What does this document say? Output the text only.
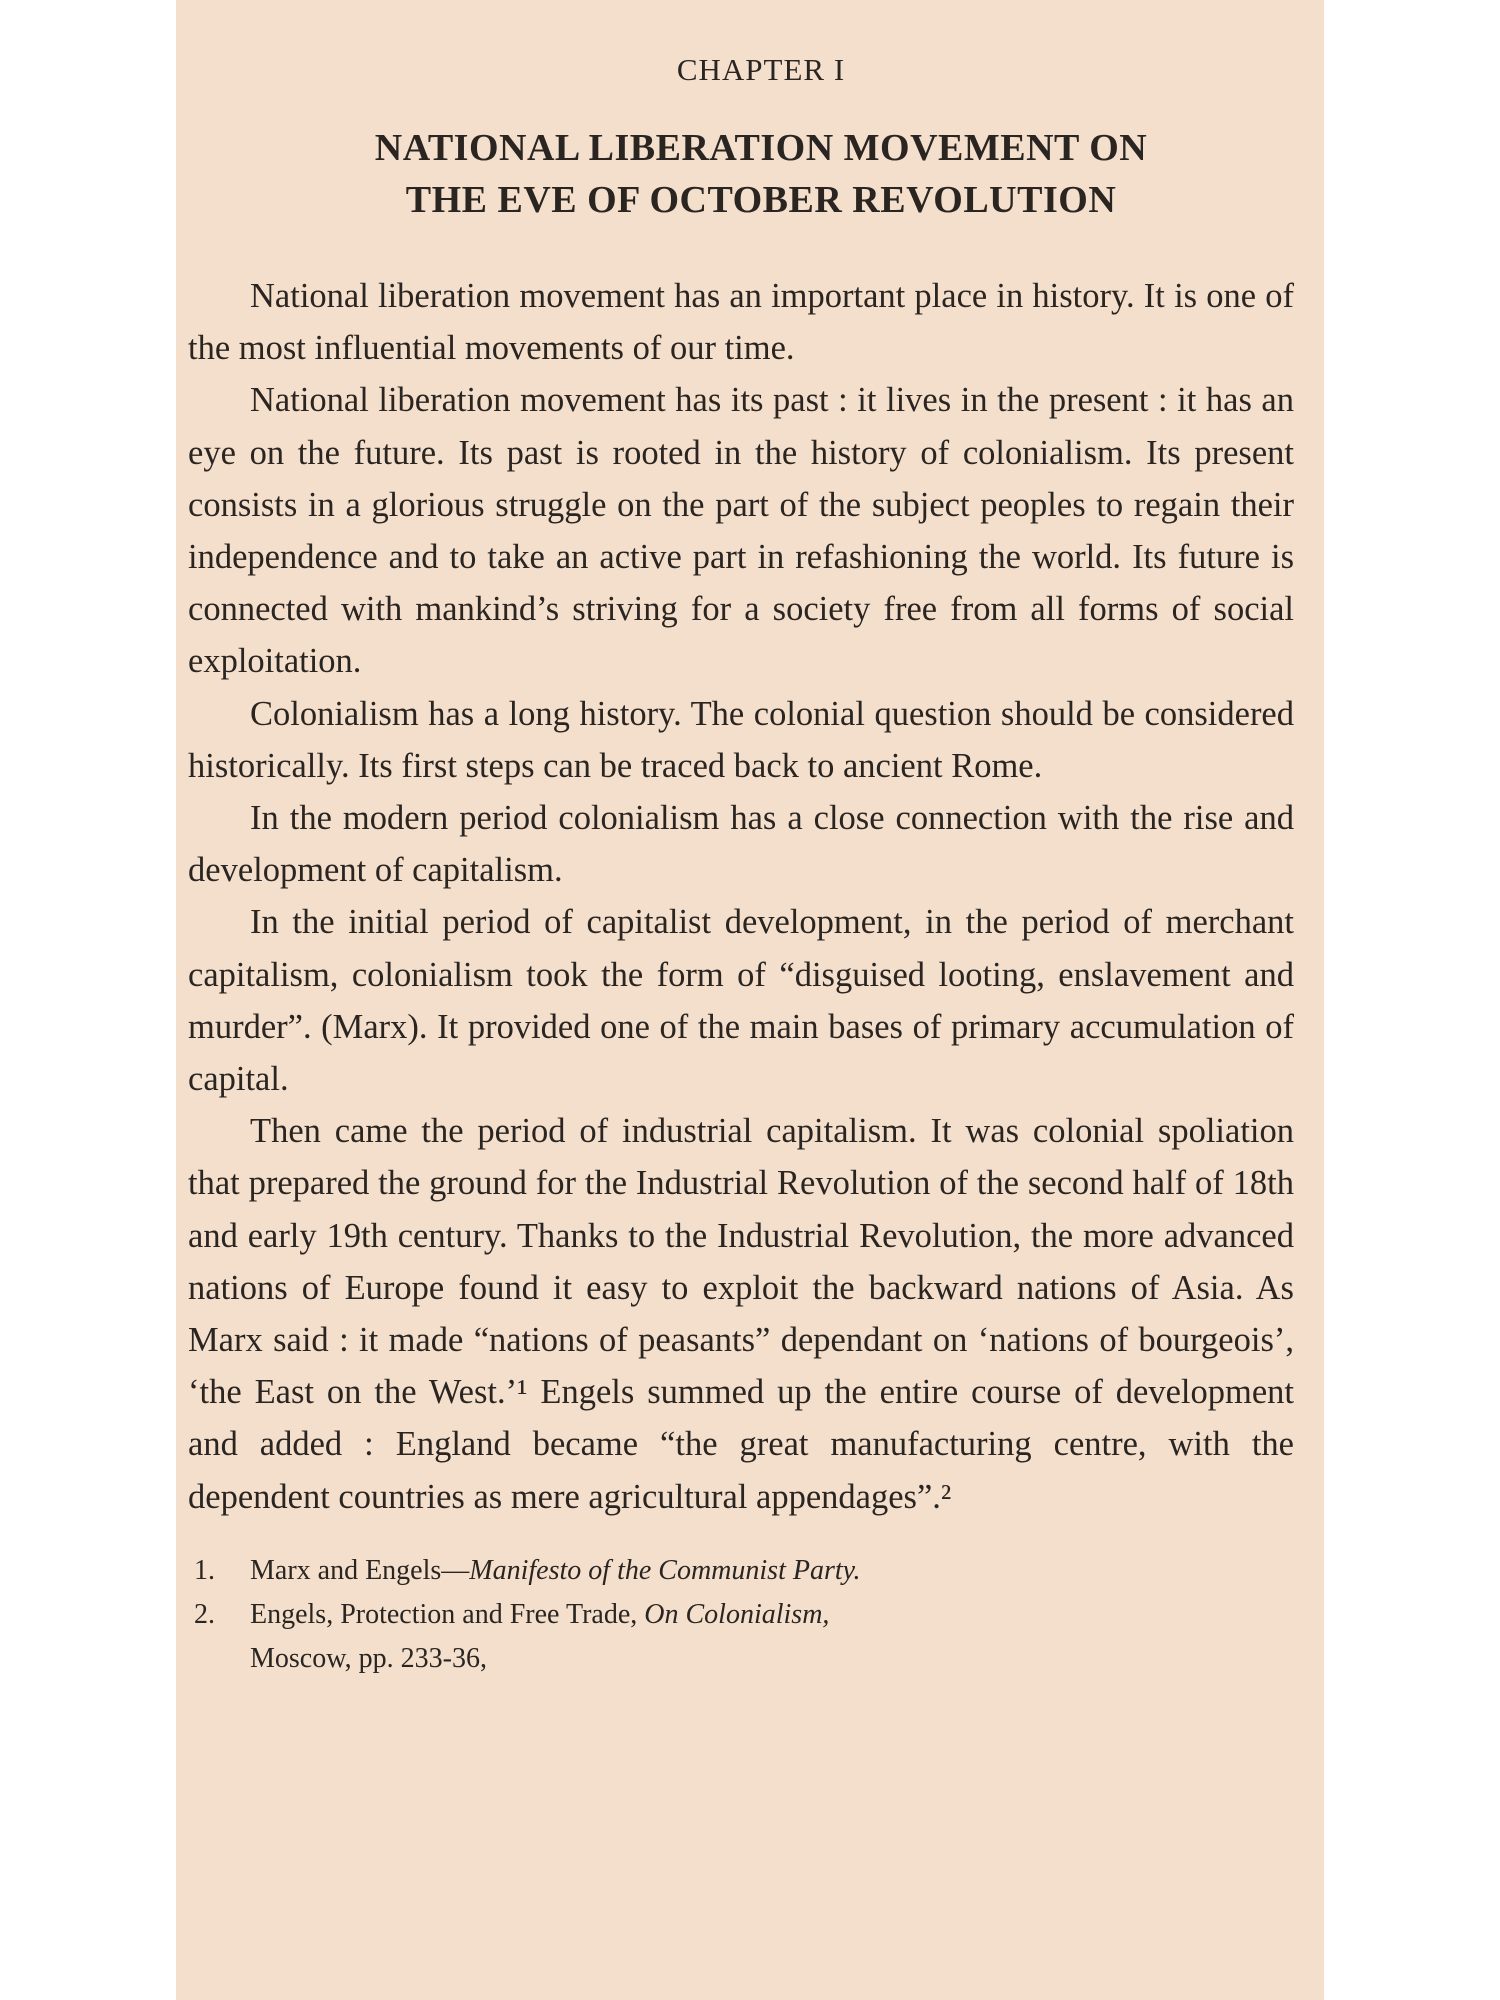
CHAPTER I
NATIONAL LIBERATION MOVEMENT ON
THE EVE OF OCTOBER REVOLUTION

National liberation movement has an important place in history. It is one of the most influential movements of our time.

National liberation movement has its past : it lives in the present : it has an eye on the future. Its past is rooted in the history of colonialism. Its present consists in a glorious struggle on the part of the subject peoples to regain their independence and to take an active part in refashioning the world. Its future is connected with mankind’s striving for a society free from all forms of social exploitation.

Colonialism has a long history. The colonial question should be considered historically. Its first steps can be traced back to ancient Rome.

In the modern period colonialism has a close connection with the rise and development of capitalism.

In the initial period of capitalist development, in the period of merchant capitalism, colonialism took the form of “disguised looting, enslavement and murder”. (Marx). It provided one of the main bases of primary accumulation of capital.

Then came the period of industrial capitalism. It was colonial spoliation that prepared the ground for the Industrial Revolution of the second half of 18th and early 19th century. Thanks to the Industrial Revolution, the more advanced nations of Europe found it easy to exploit the backward nations of Asia. As Marx said : it made “nations of peasants” dependant on ‘nations of bourgeois’, ‘the East on the West.’¹ Engels summed up the entire course of development and added : England became “the great manufacturing centre, with the dependent countries as mere agricultural appendages”.²

1.	Marx and Engels—Manifesto of the Communist Party.
2.	Engels, Protection and Free Trade, On Colonialism,
Moscow, pp. 233-36,
